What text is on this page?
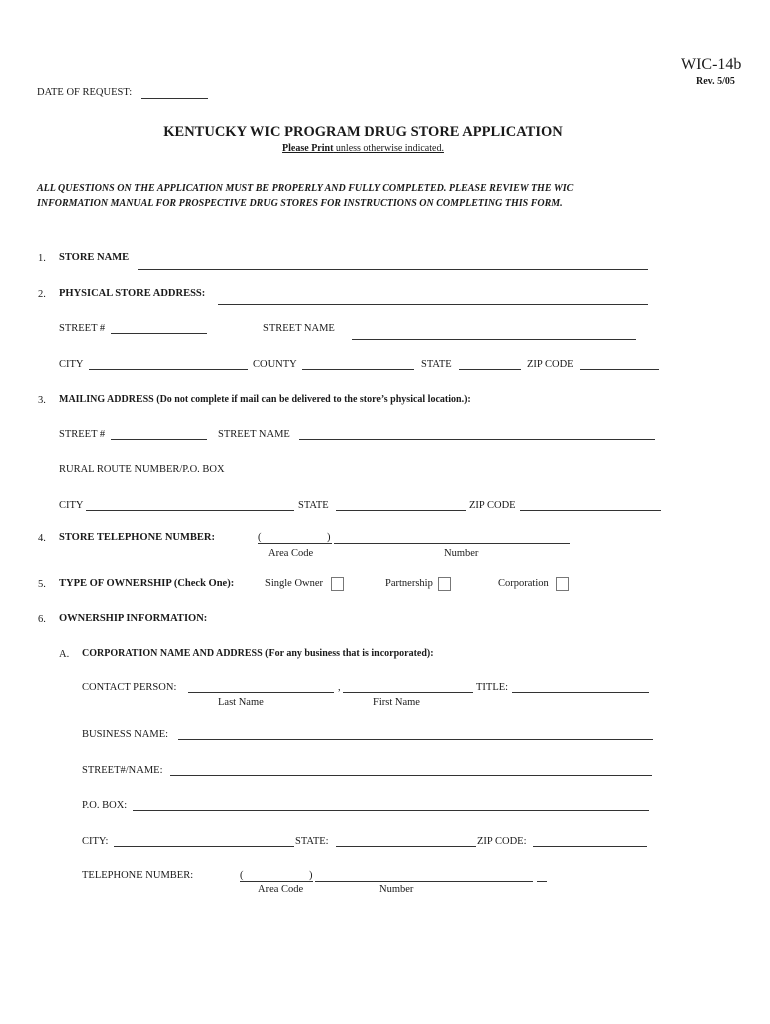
WIC-14b
Rev. 5/05
DATE OF REQUEST:
KENTUCKY WIC PROGRAM DRUG STORE APPLICATION
Please Print unless otherwise indicated.
ALL QUESTIONS ON THE APPLICATION MUST BE PROPERLY AND FULLY COMPLETED. PLEASE REVIEW THE WIC
INFORMATION MANUAL FOR PROSPECTIVE DRUG STORES FOR INSTRUCTIONS ON COMPLETING THIS FORM.
1. STORE NAME
2. PHYSICAL STORE ADDRESS:
STREET #	STREET NAME
CITY	COUNTY	STATE	ZIP CODE
3. MAILING ADDRESS (Do not complete if mail can be delivered to the store’s physical location.):
STREET #	STREET NAME
RURAL ROUTE NUMBER/P.O. BOX
CITY	STATE	ZIP CODE
4. STORE TELEPHONE NUMBER:	(	)
Area Code	Number
5. TYPE OF OWNERSHIP (Check One):	Single Owner	Partnership	Corporation
6. OWNERSHIP INFORMATION:
A. CORPORATION NAME AND ADDRESS (For any business that is incorporated):
CONTACT PERSON:	,	TITLE:
Last Name	First Name
BUSINESS NAME:
STREET#/NAME:
P.O. BOX:
CITY:	STATE:	ZIP CODE:
TELEPHONE NUMBER:	(	)
Area Code	Number
